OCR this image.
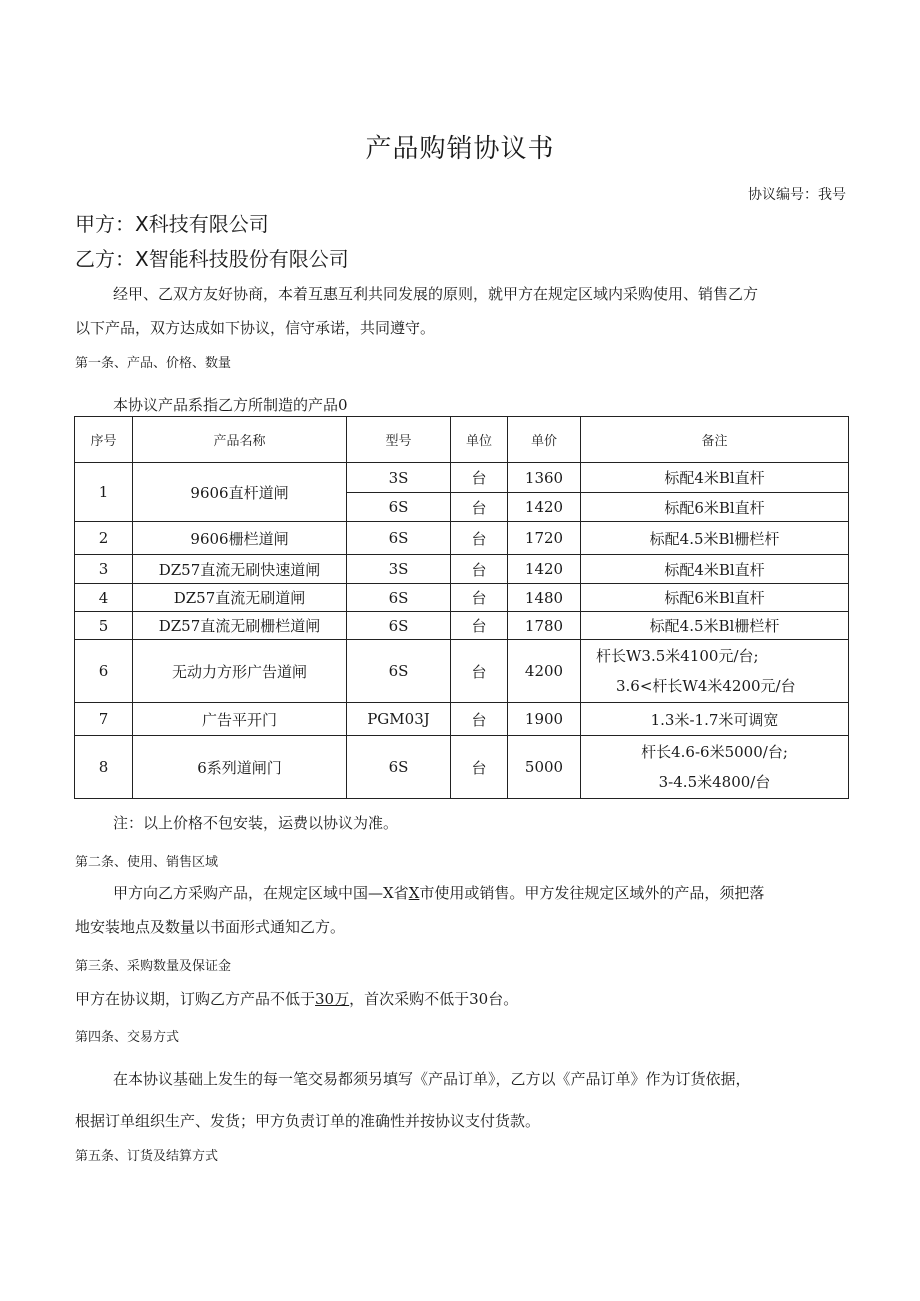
产品购销协议书
协议编号：我号
甲方：X科技有限公司
乙方：X智能科技股份有限公司
经甲、乙双方友好协商，本着互惠互利共同发展的原则，就甲方在规定区域内采购使用、销售乙方
以下产品，双方达成如下协议，信守承诺，共同遵守。
第一条、产品、价格、数量
本协议产品系指乙方所制造的产品0
序号	产品名称	型号	单位	单价	备注
1	9606直杆道闸	3S	台	1360	标配4米Bl直杆
		6S	台	1420	标配6米Bl直杆
2	9606栅栏道闸	6S	台	1720	标配4.5米Bl栅栏杆
3	DZ57直流无刷快速道闸	3S	台	1420	标配4米Bl直杆
4	DZ57直流无刷道闸	6S	台	1480	标配6米Bl直杆
5	DZ57直流无刷栅栏道闸	6S	台	1780	标配4.5米Bl栅栏杆
6	无动力方形广告道闸	6S	台	4200	杆长W3.5米4100元/台;
3.6<杆长W4米4200元/台

7	广告平开门	PGM03J	台	1900	1.3米-1.7米可调宽
8	6系列道闸门	6S	台	5000	杆长4.6-6米5000/台;
3-4.5米4800/台
注：以上价格不包安装，运费以协议为准。
第二条、使用、销售区域
甲方向乙方采购产品，在规定区域中国—X省X市使用或销售。甲方发往规定区域外的产品，须把落
地安装地点及数量以书面形式通知乙方。
第三条、采购数量及保证金
甲方在协议期，订购乙方产品不低于30万，首次采购不低于30台。
第四条、交易方式
在本协议基础上发生的每一笔交易都须另填写《产品订单》，乙方以《产品订单》作为订货依据，
根据订单组织生产、发货；甲方负责订单的准确性并按协议支付货款。
第五条、订货及结算方式
